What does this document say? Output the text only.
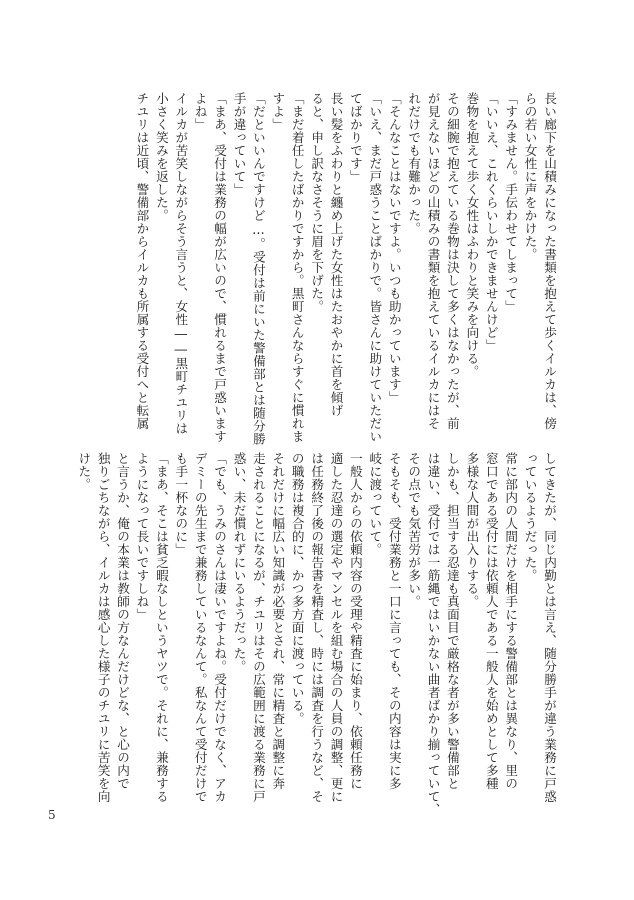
長い廊下を山積みになった書類を抱えて歩くイルカは、傍

らの若い女性に声をかけた。

「すみません。手伝わせてしまって」

「いいえ、これくらいしかできませんけど」

巻物を抱えて歩く女性はふわりと笑みを向ける。

その細腕で抱えている巻物は決して多くはなかったが、前

が見えないほどの山積みの書類を抱えているイルカにはそ

れだけでも有難かった。

「そんなことはないですよ。いつも助かっています」

「いえ、まだ戸惑うことばかりで。皆さんに助けていただい

てばかりです」

長い髪をふわりと纏め上げた女性はたおやかに首を傾げ

ると、申し訳なさそうに眉を下げた。

「まだ着任したばかりですから。黒町さんならすぐに慣れま

すよ」

「だといいんですけど…。受付は前にいた警備部とは随分勝

手が違っていて」

「まあ、受付は業務の幅が広いので、慣れるまで戸惑います

よね」

イルカが苦笑しながらそう言うと、女性――黒町チユリは

小さく笑みを返した。

チユリは近頃、警備部からイルカも所属する受付へと転属

してきたが、同じ内勤とは言え、随分勝手が違う業務に戸惑

っているようだった。

常に部内の人間だけを相手にする警備部とは異なり、里の

窓口である受付には依頼人である一般人を始めとして多種

多様な人間が出入りする。

しかも、担当する忍達も真面目で厳格な者が多い警備部と

は違い、受付では一筋縄ではいかない曲者ばかり揃っていて、

その点でも気苦労が多い。

そもそも、受付業務と一口に言っても、その内容は実に多

岐に渡っていて。

一般人からの依頼内容の受理や精査に始まり、依頼任務に

適した忍達の選定やマンセルを組む場合の人員の調整、更に

は任務終了後の報告書を精査し、時には調査を行うなど、そ

の職務は複合的に、かつ多方面に渡っている。

それだけに幅広い知識が必要とされ、常に精査と調整に奔

走されることになるが、チユリはその広範囲に渡る業務に戸

惑い、未だ慣れずにいるようだった。

「でも、うみのさんは凄いですよね。受付だけでなく、アカ

デミーの先生まで兼務しているなんて。私なんて受付だけで

も手一杯なのに」

「まあ、そこは貧乏暇なしというヤツで。それに、兼務する

ようになって長いですしね」

と言うか、俺の本業は教師の方なんだけどな、と心の内で

独りごちながら、イルカは感心した様子のチユリに苦笑を向

けた。

5
